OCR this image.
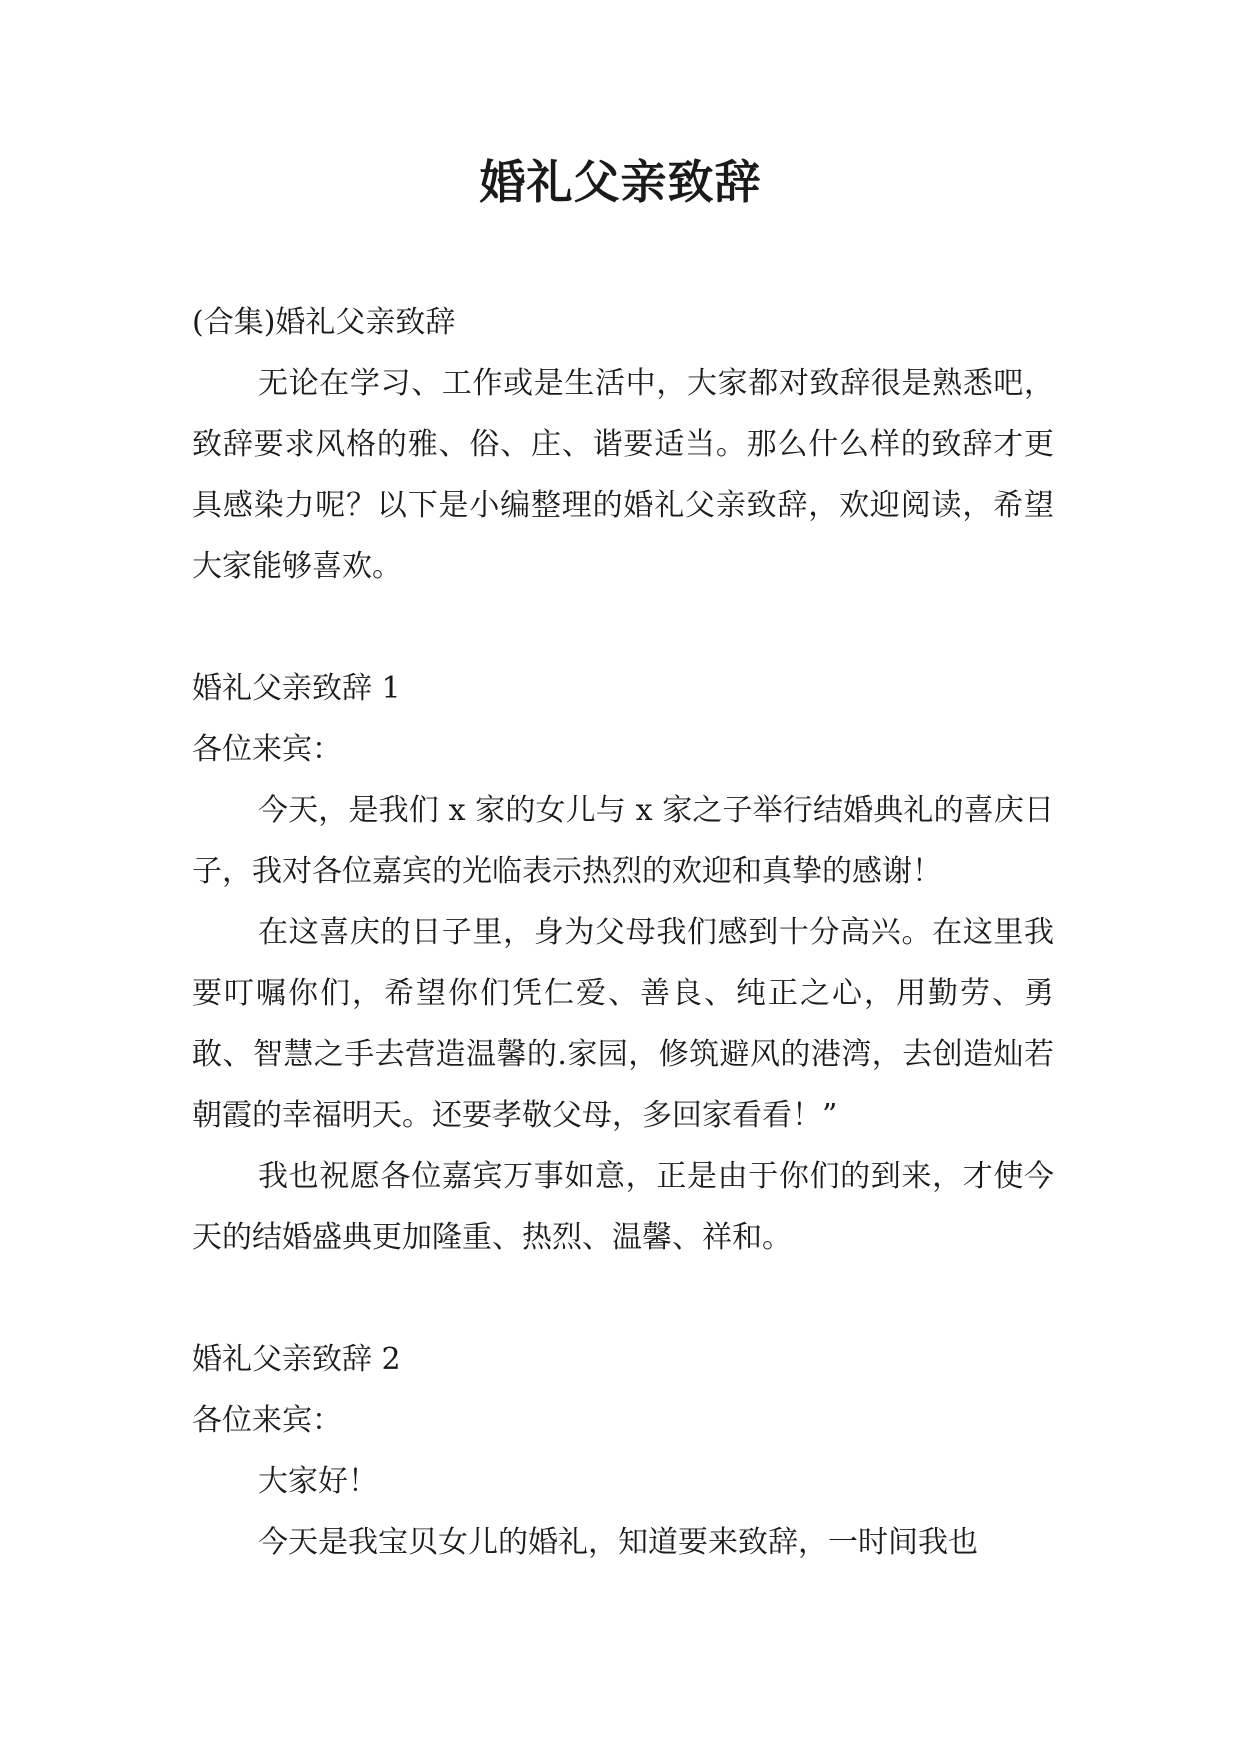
婚礼父亲致辞

(合集)婚礼父亲致辞

无论在学习、工作或是生活中，大家都对致辞很是熟悉吧，致辞要求风格的雅、俗、庄、谐要适当。那么什么样的致辞才更具感染力呢？以下是小编整理的婚礼父亲致辞，欢迎阅读，希望大家能够喜欢。

婚礼父亲致辞 1

各位来宾：

今天，是我们 x 家的女儿与 x 家之子举行结婚典礼的喜庆日子，我对各位嘉宾的光临表示热烈的欢迎和真挚的感谢！

在这喜庆的日子里，身为父母我们感到十分高兴。在这里我要叮嘱你们，希望你们凭仁爱、善良、纯正之心，用勤劳、勇敢、智慧之手去营造温馨的.家园，修筑避风的港湾，去创造灿若朝霞的幸福明天。还要孝敬父母，多回家看看！”

我也祝愿各位嘉宾万事如意，正是由于你们的到来，才使今天的结婚盛典更加隆重、热烈、温馨、祥和。

婚礼父亲致辞 2

各位来宾：

大家好！

今天是我宝贝女儿的婚礼，知道要来致辞，一时间我也
